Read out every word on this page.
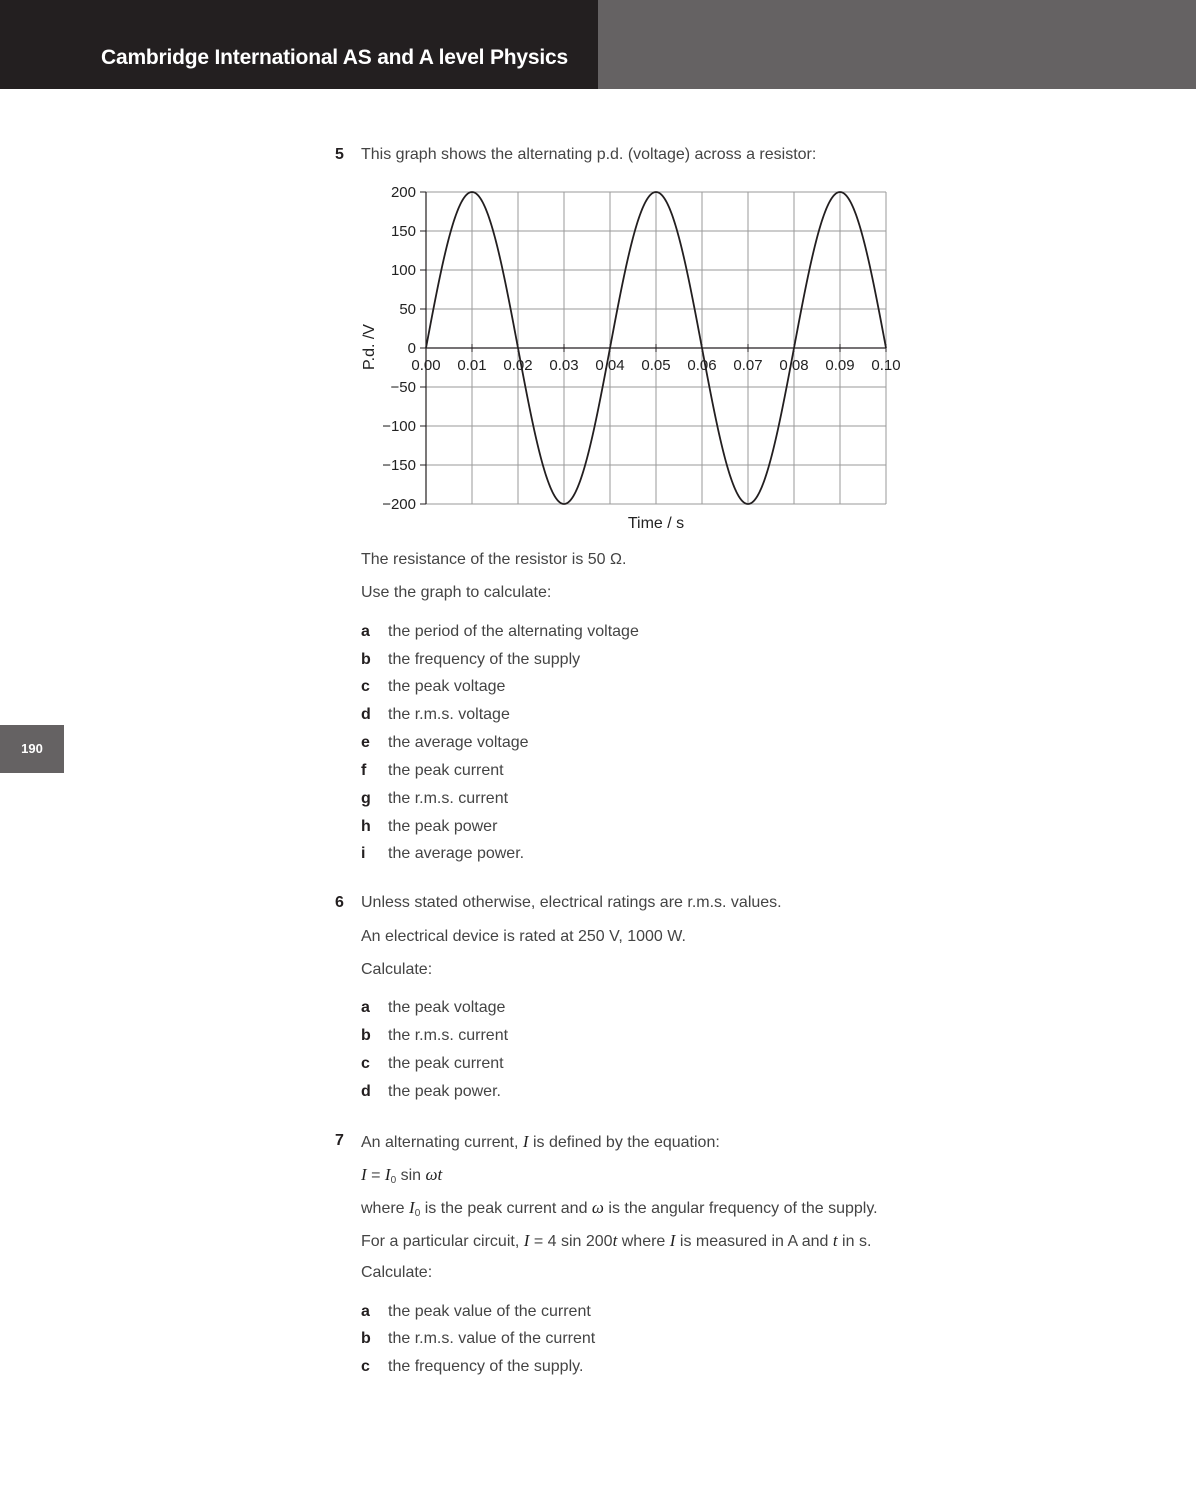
Cambridge International AS and A level Physics
190
5 This graph shows the alternating p.d. (voltage) across a resistor:
200
150
100
50
0
−50
−100
−150
−200
0.00 0.01 0.02 0.03 0.04 0.05 0.06 0.07 0.08 0.09 0.10
Time / s
P.d. /V
The resistance of the resistor is 50 Ω.
Use the graph to calculate:
a the period of the alternating voltage
b the frequency of the supply
c the peak voltage
d the r.m.s. voltage
e the average voltage
f the peak current
g the r.m.s. current
h the peak power
i the average power.
6 Unless stated otherwise, electrical ratings are r.m.s. values.
An electrical device is rated at 250 V, 1000 W.
Calculate:
a the peak voltage
b the r.m.s. current
c the peak current
d the peak power.
7 An alternating current, I is defined by the equation:
$I = I_0$ sin ωt
where $I_0$ is the peak current and ω is the angular frequency of the supply.
For a particular circuit, I = 4 sin 200t where I is measured in A and t in s.
Calculate:
a the peak value of the current
b the r.m.s. value of the current
c the frequency of the supply.
